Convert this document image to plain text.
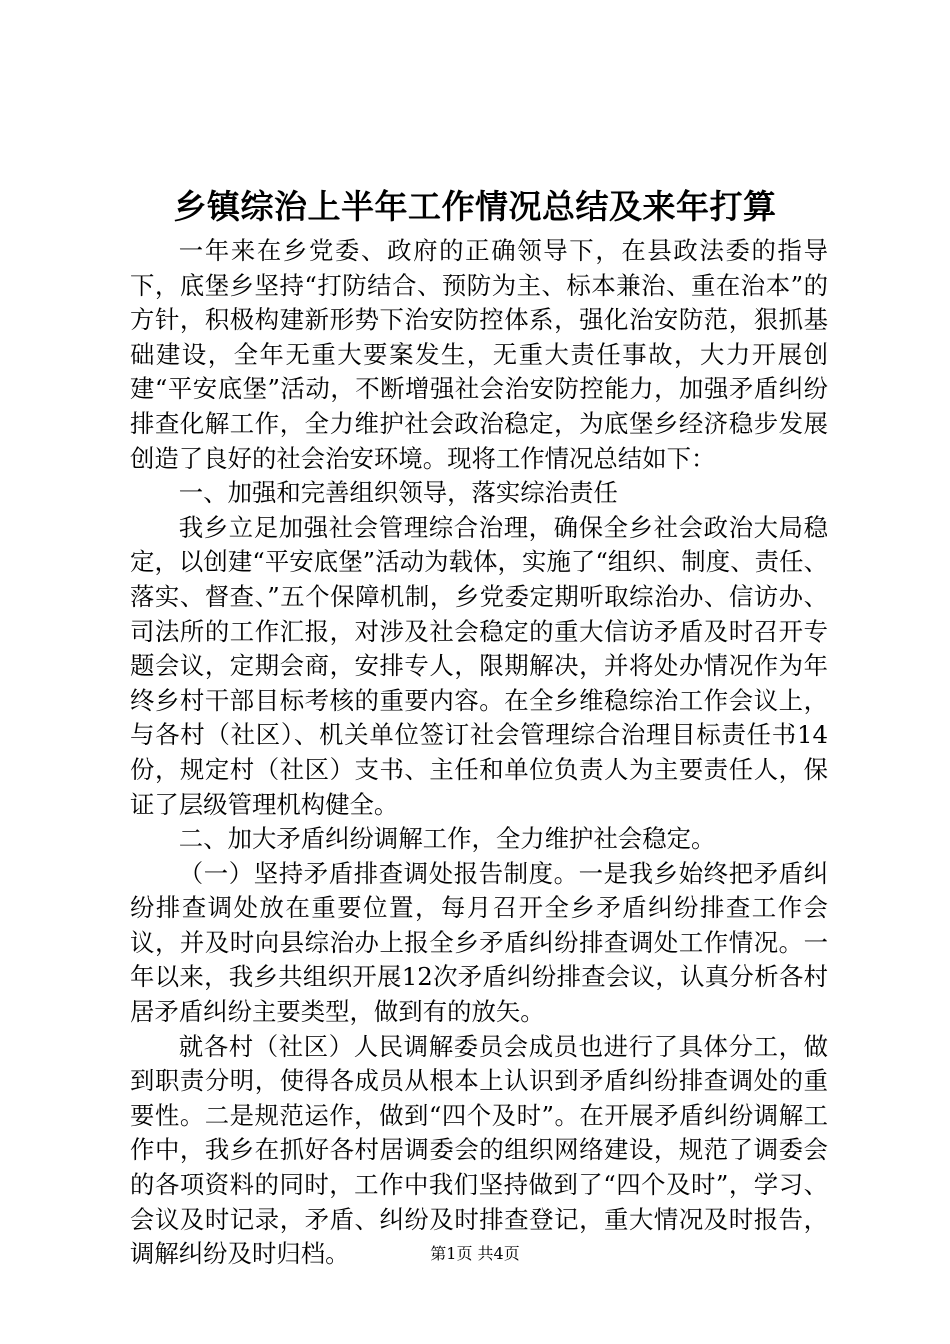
乡镇综治上半年工作情况总结及来年打算

一年来在乡党委、政府的正确领导下，在县政法委的指导下，底堡乡坚持“打防结合、预防为主、标本兼治、重在治本”的方针，积极构建新形势下治安防控体系，强化治安防范，狠抓基础建设，全年无重大要案发生，无重大责任事故，大力开展创建“平安底堡”活动，不断增强社会治安防控能力，加强矛盾纠纷排查化解工作，全力维护社会政治稳定，为底堡乡经济稳步发展创造了良好的社会治安环境。现将工作情况总结如下：

一、加强和完善组织领导，落实综治责任

我乡立足加强社会管理综合治理，确保全乡社会政治大局稳定，以创建“平安底堡”活动为载体，实施了“组织、制度、责任、落实、督查、”五个保障机制，乡党委定期听取综治办、信访办、司法所的工作汇报，对涉及社会稳定的重大信访矛盾及时召开专题会议，定期会商，安排专人，限期解决，并将处办情况作为年终乡村干部目标考核的重要内容。在全乡维稳综治工作会议上，与各村（社区）、机关单位签订社会管理综合治理目标责任书14份，规定村（社区）支书、主任和单位负责人为主要责任人，保证了层级管理机构健全。

二、加大矛盾纠纷调解工作，全力维护社会稳定。

（一）坚持矛盾排查调处报告制度。一是我乡始终把矛盾纠纷排查调处放在重要位置，每月召开全乡矛盾纠纷排查工作会议，并及时向县综治办上报全乡矛盾纠纷排查调处工作情况。一年以来，我乡共组织开展12次矛盾纠纷排查会议，认真分析各村居矛盾纠纷主要类型，做到有的放矢。

就各村（社区）人民调解委员会成员也进行了具体分工，做到职责分明，使得各成员从根本上认识到矛盾纠纷排查调处的重要性。二是规范运作，做到“四个及时”。在开展矛盾纠纷调解工作中，我乡在抓好各村居调委会的组织网络建设，规范了调委会的各项资料的同时，工作中我们坚持做到了“四个及时”，学习、会议及时记录，矛盾、纠纷及时排查登记，重大情况及时报告，调解纠纷及时归档。	第1页 共4页
